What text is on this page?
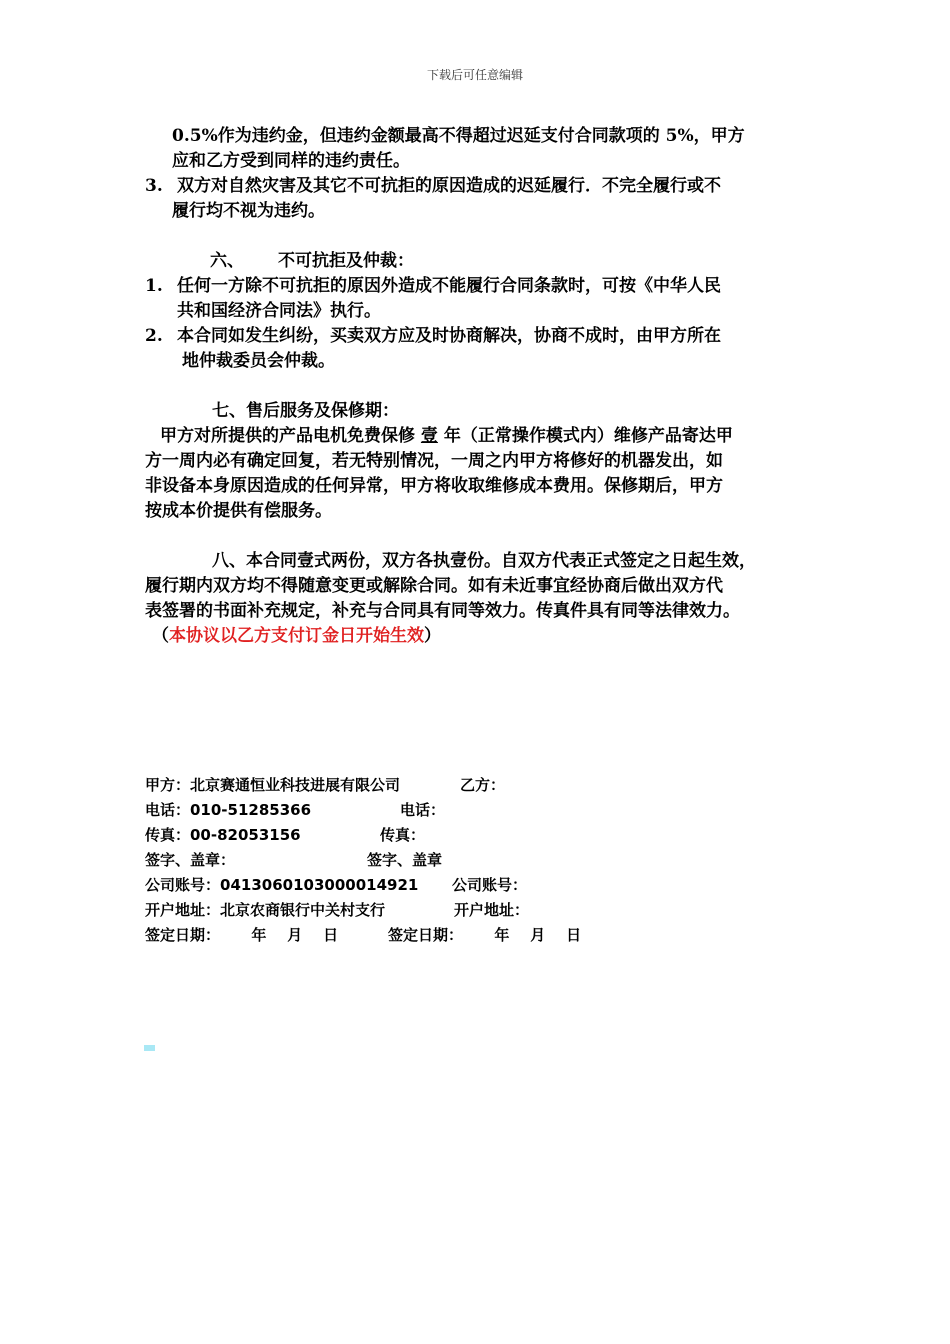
下载后可任意编辑
0.5%作为违约金，但违约金额最高不得超过迟延支付合同款项的 5%，甲方
应和乙方受到同样的违约责任。
3. 双方对自然灾害及其它不可抗拒的原因造成的迟延履行．不完全履行或不
履行均不视为违约。
六、 不可抗拒及仲裁：
1. 任何一方除不可抗拒的原因外造成不能履行合同条款时，可按《中华人民
共和国经济合同法》执行。
2. 本合同如发生纠纷，买卖双方应及时协商解决，协商不成时，由甲方所在
地仲裁委员会仲裁。
七、售后服务及保修期：
甲方对所提供的产品电机免费保修 壹 年（正常操作模式内）维修产品寄达甲
方一周内必有确定回复，若无特别情况，一周之内甲方将修好的机器发出，如
非设备本身原因造成的任何异常，甲方将收取维修成本费用。保修期后，甲方
按成本价提供有偿服务。
八、本合同壹式两份，双方各执壹份。自双方代表正式签定之日起生效，
履行期内双方均不得随意变更或解除合同。如有未近事宜经协商后做出双方代
表签署的书面补充规定，补充与合同具有同等效力。传真件具有同等法律效力。
（本协议以乙方支付订金日开始生效）
甲方：北京赛通恒业科技进展有限公司	乙方：
电话：010-51285366	电话：
传真：00-82053156	传真：
签字、盖章：	签字、盖章
公司账号：0413060103000014921 公司账号：
开户地址：北京农商银行中关村支行	开户地址：
签定日期：      年    月    日	签定日期：      年    月    日
